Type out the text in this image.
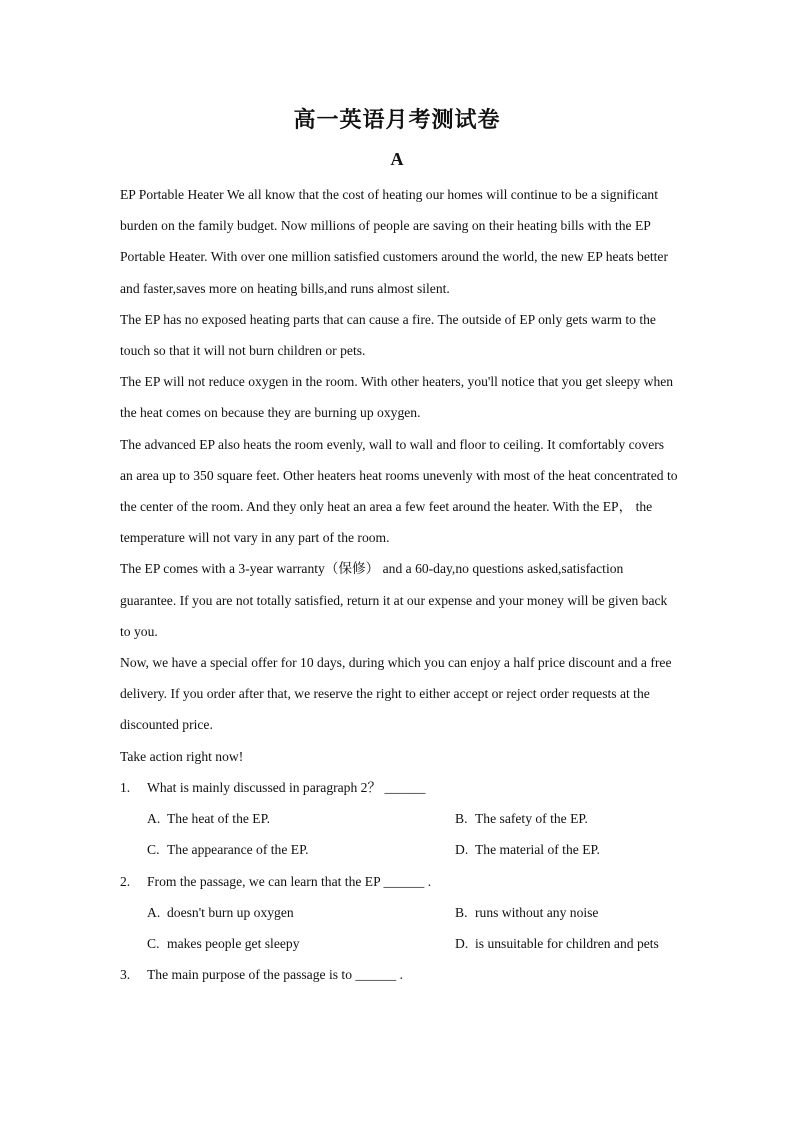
高一英语月考测试卷
A

EP Portable Heater We all know that the cost of heating our homes will continue to be a significant burden on the family budget. Now millions of people are saving on their heating bills with the EP Portable Heater. With over one million satisfied customers around the world, the new EP heats better and faster,saves more on heating bills,and runs almost silent.

The EP has no exposed heating parts that can cause a fire. The outside of EP only gets warm to the touch so that it will not burn children or pets.

The EP will not reduce oxygen in the room. With other heaters, you'll notice that you get sleepy when the heat comes on because they are burning up oxygen.

The advanced EP also heats the room evenly, wall to wall and floor to ceiling. It comfortably covers an area up to 350 square feet. Other heaters heat rooms unevenly with most of the heat concentrated to the center of the room. And they only heat an area a few feet around the heater. With the EP， the temperature will not vary in any part of the room.

The EP comes with a 3-year warranty（保修） and a 60-day,no questions asked,satisfaction guarantee. If you are not totally satisfied, return it at our expense and your money will be given back to you.

Now, we have a special offer for 10 days, during which you can enjoy a half price discount and a free delivery. If you order after that, we reserve the right to either accept or reject order requests at the discounted price.

Take action right now!

1.	What is mainly discussed in paragraph 2？ ______
A. The heat of the EP.	B. The safety of the EP.
C. The appearance of the EP.	D. The material of the EP.
2.	From the passage, we can learn that the EP ______ .
A. doesn't burn up oxygen	B. runs without any noise
C. makes people get sleepy	D. is unsuitable for children and pets
3.	The main purpose of the passage is to ______ .
